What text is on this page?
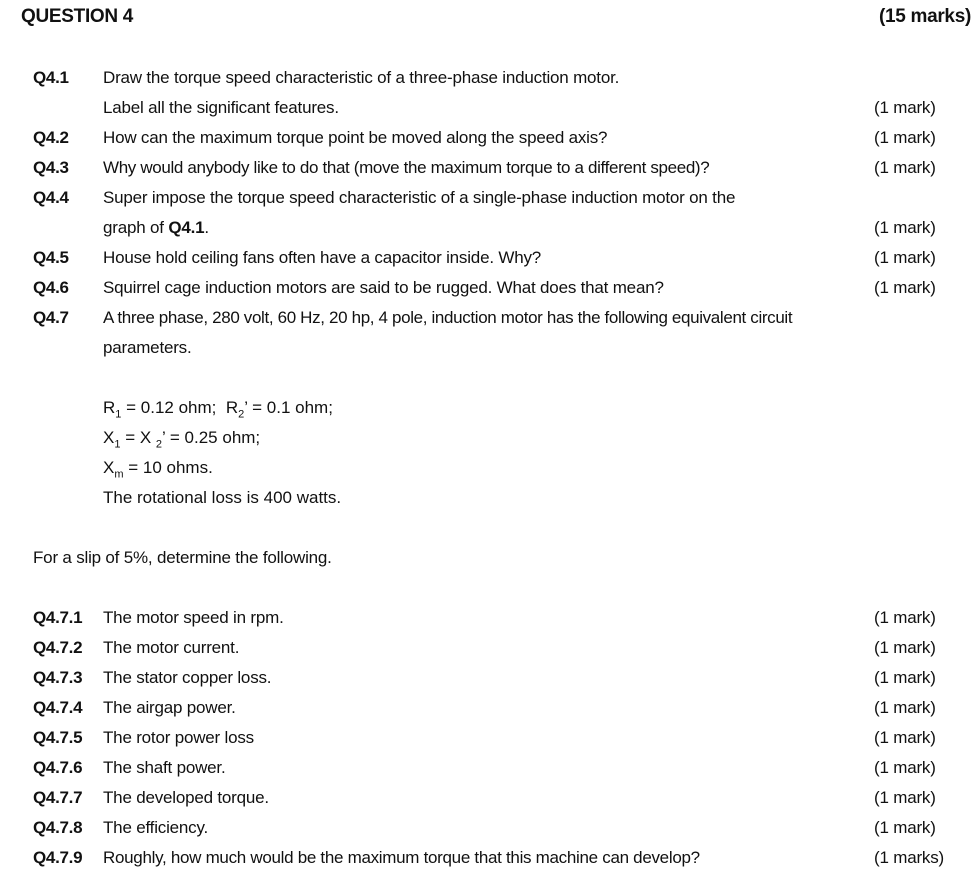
QUESTION 4	(15 marks)
Q4.1 Draw the torque speed characteristic of a three-phase induction motor.
Label all the significant features.	(1 mark)
Q4.2 How can the maximum torque point be moved along the speed axis?	(1 mark)
Q4.3 Why would anybody like to do that (move the maximum torque to a different speed)?	(1 mark)
Q4.4 Super impose the torque speed characteristic of a single-phase induction motor on the
graph of Q4.1.	(1 mark)
Q4.5 House hold ceiling fans often have a capacitor inside. Why?	(1 mark)
Q4.6 Squirrel cage induction motors are said to be rugged. What does that mean?	(1 mark)
Q4.7 A three phase, 280 volt, 60 Hz, 20 hp, 4 pole, induction motor has the following equivalent circuit
parameters.
$R_1 = 0.12$ ohm;  $R_2$’ = 0.1 ohm;
$X_1 = X$ $_2$’ = 0.25 ohm;
$X_m = 10$ ohms.
The rotational loss is 400 watts.
For a slip of 5%, determine the following.
Q4.7.1 The motor speed in rpm.	(1 mark)
Q4.7.2 The motor current.	(1 mark)
Q4.7.3 The stator copper loss.	(1 mark)
Q4.7.4 The airgap power.	(1 mark)
Q4.7.5 The rotor power loss	(1 mark)
Q4.7.6 The shaft power.	(1 mark)
Q4.7.7 The developed torque.	(1 mark)
Q4.7.8 The efficiency.	(1 mark)
Q4.7.9 Roughly, how much would be the maximum torque that this machine can develop?	(1 marks)
